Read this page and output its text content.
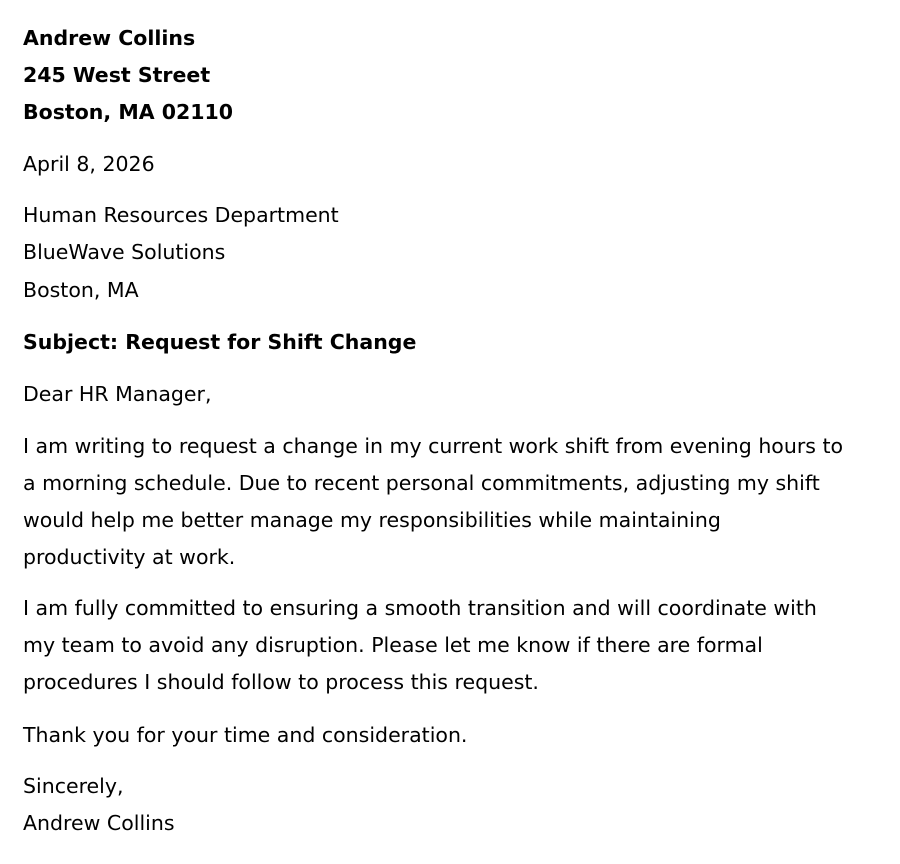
Andrew Collins
245 West Street
Boston, MA 02110
April 8, 2026
Human Resources Department
BlueWave Solutions
Boston, MA
Subject: Request for Shift Change
Dear HR Manager,
I am writing to request a change in my current work shift from evening hours to
a morning schedule. Due to recent personal commitments, adjusting my shift
would help me better manage my responsibilities while maintaining
productivity at work.
I am fully committed to ensuring a smooth transition and will coordinate with
my team to avoid any disruption. Please let me know if there are formal
procedures I should follow to process this request.
Thank you for your time and consideration.
Sincerely,
Andrew Collins
